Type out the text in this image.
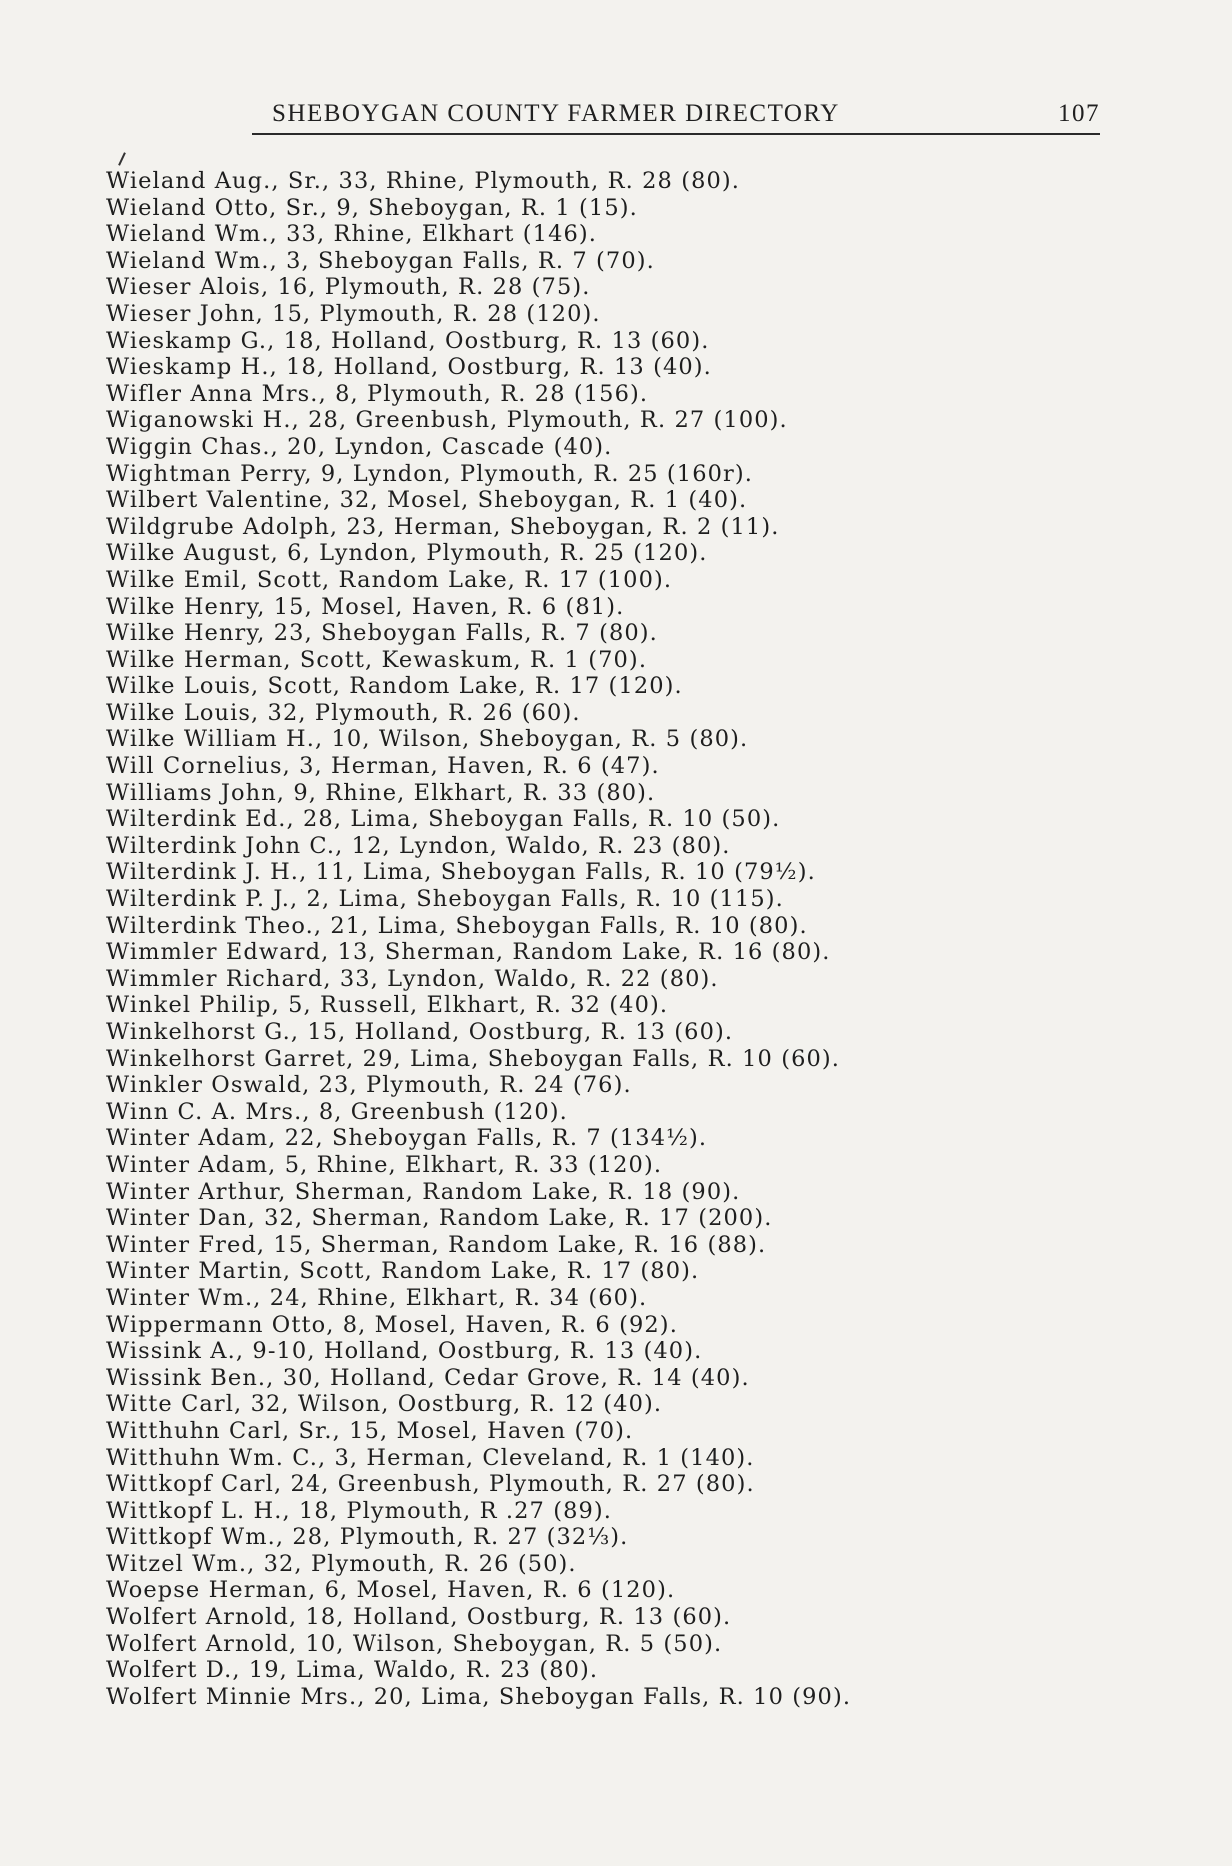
SHEBOYGAN COUNTY FARMER DIRECTORY	107
Wieland Aug., Sr., 33, Rhine, Plymouth, R. 28 (80).
Wieland Otto, Sr., 9, Sheboygan, R. 1 (15).
Wieland Wm., 33, Rhine, Elkhart (146).
Wieland Wm., 3, Sheboygan Falls, R. 7 (70).
Wieser Alois, 16, Plymouth, R. 28 (75).
Wieser John, 15, Plymouth, R. 28 (120).
Wieskamp G., 18, Holland, Oostburg, R. 13 (60).
Wieskamp H., 18, Holland, Oostburg, R. 13 (40).
Wifler Anna Mrs., 8, Plymouth, R. 28 (156).
Wiganowski H., 28, Greenbush, Plymouth, R. 27 (100).
Wiggin Chas., 20, Lyndon, Cascade (40).
Wightman Perry, 9, Lyndon, Plymouth, R. 25 (160r).
Wilbert Valentine, 32, Mosel, Sheboygan, R. 1 (40).
Wildgrube Adolph, 23, Herman, Sheboygan, R. 2 (11).
Wilke August, 6, Lyndon, Plymouth, R. 25 (120).
Wilke Emil, Scott, Random Lake, R. 17 (100).
Wilke Henry, 15, Mosel, Haven, R. 6 (81).
Wilke Henry, 23, Sheboygan Falls, R. 7 (80).
Wilke Herman, Scott, Kewaskum, R. 1 (70).
Wilke Louis, Scott, Random Lake, R. 17 (120).
Wilke Louis, 32, Plymouth, R. 26 (60).
Wilke William H., 10, Wilson, Sheboygan, R. 5 (80).
Will Cornelius, 3, Herman, Haven, R. 6 (47).
Williams John, 9, Rhine, Elkhart, R. 33 (80).
Wilterdink Ed., 28, Lima, Sheboygan Falls, R. 10 (50).
Wilterdink John C., 12, Lyndon, Waldo, R. 23 (80).
Wilterdink J. H., 11, Lima, Sheboygan Falls, R. 10 (79½).
Wilterdink P. J., 2, Lima, Sheboygan Falls, R. 10 (115).
Wilterdink Theo., 21, Lima, Sheboygan Falls, R. 10 (80).
Wimmler Edward, 13, Sherman, Random Lake, R. 16 (80).
Wimmler Richard, 33, Lyndon, Waldo, R. 22 (80).
Winkel Philip, 5, Russell, Elkhart, R. 32 (40).
Winkelhorst G., 15, Holland, Oostburg, R. 13 (60).
Winkelhorst Garret, 29, Lima, Sheboygan Falls, R. 10 (60).
Winkler Oswald, 23, Plymouth, R. 24 (76).
Winn C. A. Mrs., 8, Greenbush (120).
Winter Adam, 22, Sheboygan Falls, R. 7 (134½).
Winter Adam, 5, Rhine, Elkhart, R. 33 (120).
Winter Arthur, Sherman, Random Lake, R. 18 (90).
Winter Dan, 32, Sherman, Random Lake, R. 17 (200).
Winter Fred, 15, Sherman, Random Lake, R. 16 (88).
Winter Martin, Scott, Random Lake, R. 17 (80).
Winter Wm., 24, Rhine, Elkhart, R. 34 (60).
Wippermann Otto, 8, Mosel, Haven, R. 6 (92).
Wissink A., 9-10, Holland, Oostburg, R. 13 (40).
Wissink Ben., 30, Holland, Cedar Grove, R. 14 (40).
Witte Carl, 32, Wilson, Oostburg, R. 12 (40).
Witthuhn Carl, Sr., 15, Mosel, Haven (70).
Witthuhn Wm. C., 3, Herman, Cleveland, R. 1 (140).
Wittkopf Carl, 24, Greenbush, Plymouth, R. 27 (80).
Wittkopf L. H., 18, Plymouth, R .27 (89).
Wittkopf Wm., 28, Plymouth, R. 27 (32⅓).
Witzel Wm., 32, Plymouth, R. 26 (50).
Woepse Herman, 6, Mosel, Haven, R. 6 (120).
Wolfert Arnold, 18, Holland, Oostburg, R. 13 (60).
Wolfert Arnold, 10, Wilson, Sheboygan, R. 5 (50).
Wolfert D., 19, Lima, Waldo, R. 23 (80).
Wolfert Minnie Mrs., 20, Lima, Sheboygan Falls, R. 10 (90).
